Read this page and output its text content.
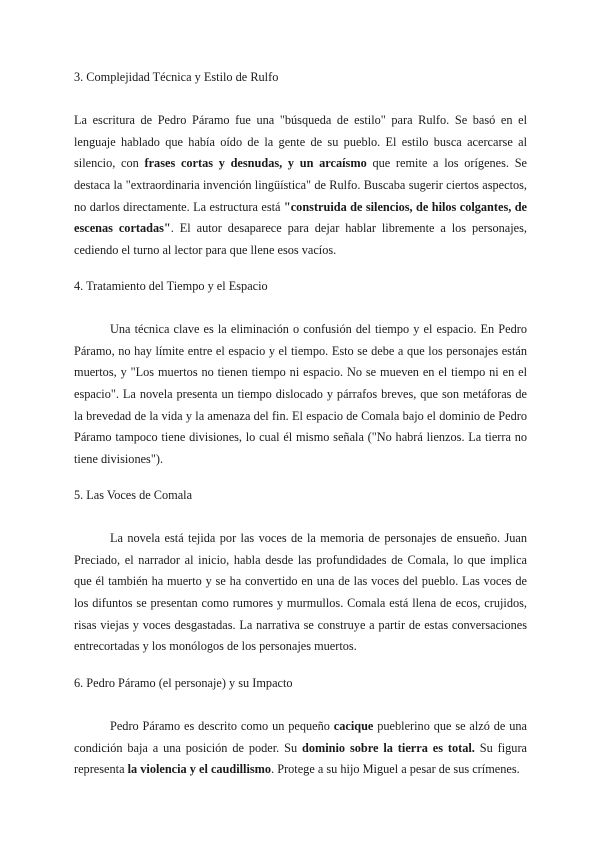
3. Complejidad Técnica y Estilo de Rulfo

La escritura de Pedro Páramo fue una "búsqueda de estilo" para Rulfo. Se basó en el lenguaje hablado que había oído de la gente de su pueblo. El estilo busca acercarse al silencio, con frases cortas y desnudas, y un arcaísmo que remite a los orígenes. Se destaca la "extraordinaria invención lingüística" de Rulfo. Buscaba sugerir ciertos aspectos, no darlos directamente. La estructura está "construida de silencios, de hilos colgantes, de escenas cortadas". El autor desaparece para dejar hablar libremente a los personajes, cediendo el turno al lector para que llene esos vacíos.

4. Tratamiento del Tiempo y el Espacio

Una técnica clave es la eliminación o confusión del tiempo y el espacio. En Pedro Páramo, no hay límite entre el espacio y el tiempo. Esto se debe a que los personajes están muertos, y "Los muertos no tienen tiempo ni espacio. No se mueven en el tiempo ni en el espacio". La novela presenta un tiempo dislocado y párrafos breves, que son metáforas de la brevedad de la vida y la amenaza del fin. El espacio de Comala bajo el dominio de Pedro Páramo tampoco tiene divisiones, lo cual él mismo señala ("No habrá lienzos. La tierra no tiene divisiones").

5. Las Voces de Comala

La novela está tejida por las voces de la memoria de personajes de ensueño. Juan Preciado, el narrador al inicio, habla desde las profundidades de Comala, lo que implica que él también ha muerto y se ha convertido en una de las voces del pueblo. Las voces de los difuntos se presentan como rumores y murmullos. Comala está llena de ecos, crujidos, risas viejas y voces desgastadas. La narrativa se construye a partir de estas conversaciones entrecortadas y los monólogos de los personajes muertos.

6. Pedro Páramo (el personaje) y su Impacto

Pedro Páramo es descrito como un pequeño cacique pueblerino que se alzó de una condición baja a una posición de poder. Su dominio sobre la tierra es total. Su figura representa la violencia y el caudillismo. Protege a su hijo Miguel a pesar de sus crímenes.
